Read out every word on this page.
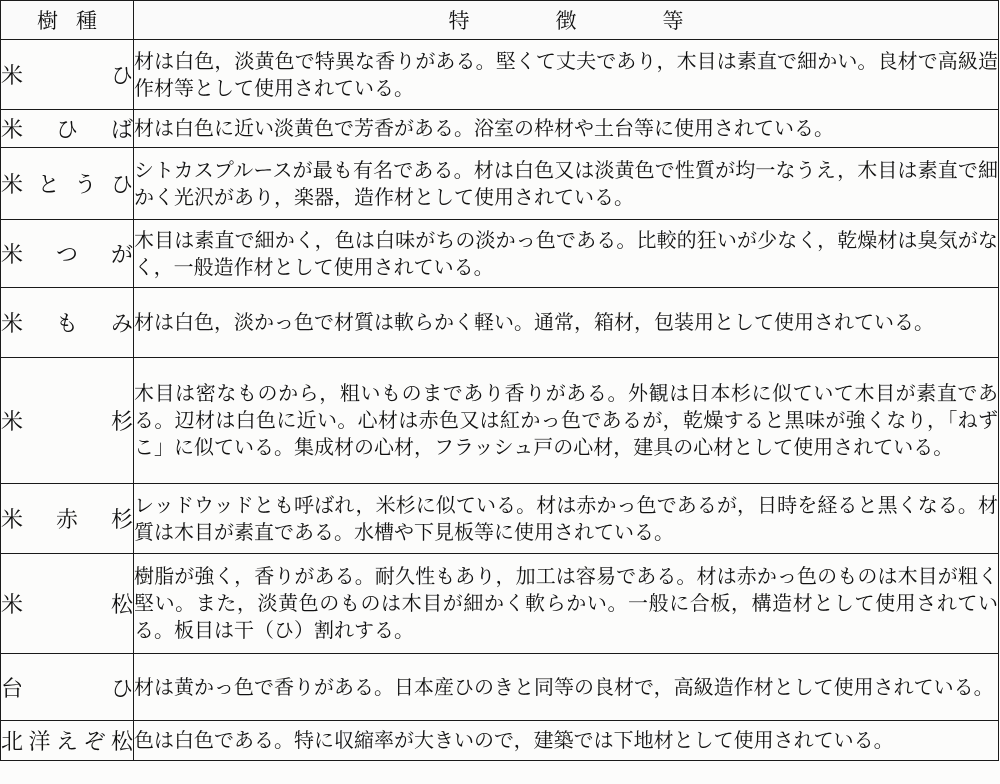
樹種	特徴等

米ひ	材は白色，淡黄色で特異な香りがある。堅くて丈夫であり，木目は素直で細かい。良材で高級造作材等として使用されている。

米ひば	材は白色に近い淡黄色で芳香がある。浴室の枠材や土台等に使用されている。

米とうひ	シトカスプルースが最も有名である。材は白色又は淡黄色で性質が均一なうえ，木目は素直で細かく光沢があり，楽器，造作材として使用されている。

米つが	木目は素直で細かく，色は白味がちの淡かっ色である。比較的狂いが少なく，乾燥材は臭気がなく，一般造作材として使用されている。

米もみ	材は白色，淡かっ色で材質は軟らかく軽い。通常，箱材，包装用として使用されている。

米杉	木目は密なものから，粗いものまであり香りがある。外観は日本杉に似ていて木目が素直である。辺材は白色に近い。心材は赤色又は紅かっ色であるが，乾燥すると黒味が強くなり，「ねずこ」に似ている。集成材の心材，フラッシュ戸の心材，建具の心材として使用されている。

米赤杉	レッドウッドとも呼ばれ，米杉に似ている。材は赤かっ色であるが，日時を経ると黒くなる。材質は木目が素直である。水槽や下見板等に使用されている。

米松	樹脂が強く，香りがある。耐久性もあり，加工は容易である。材は赤かっ色のものは木目が粗く堅い。また，淡黄色のものは木目が細かく軟らかい。一般に合板，構造材として使用されている。板目は干（ひ）割れする。

台ひ	材は黄かっ色で香りがある。日本産ひのきと同等の良材で，高級造作材として使用されている。

北洋えぞ松	色は白色である。特に収縮率が大きいので，建築では下地材として使用されている。
